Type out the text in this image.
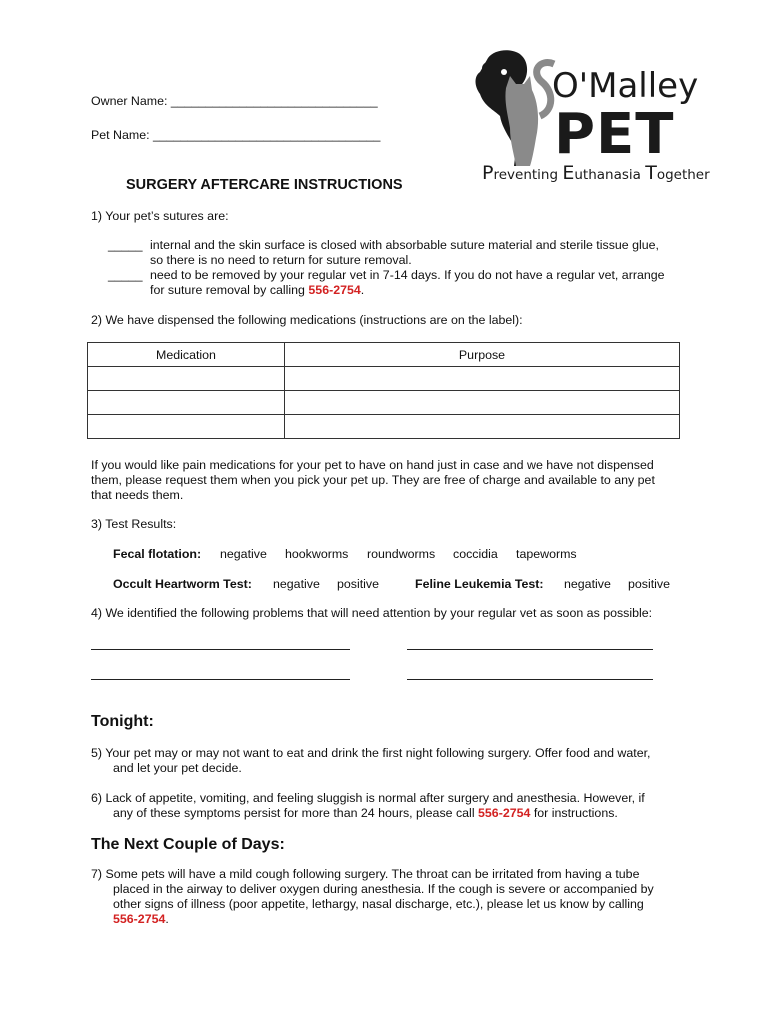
Owner Name: ______________________________
Pet Name: _________________________________
O'Malley
PET
Preventing Euthanasia Together
SURGERY AFTERCARE INSTRUCTIONS
1) Your pet’s sutures are:
_____ internal and the skin surface is closed with absorbable suture material and sterile tissue glue,
so there is no need to return for suture removal.
_____ need to be removed by your regular vet in 7-14 days. If you do not have a regular vet, arrange
for suture removal by calling 556-2754.
2) We have dispensed the following medications (instructions are on the label):
Medication	Purpose

If you would like pain medications for your pet to have on hand just in case and we have not dispensed
them, please request them when you pick your pet up. They are free of charge and available to any pet
that needs them.
3) Test Results:
Fecal flotation: negative hookworms roundworms coccidia tapeworms
Occult Heartworm Test: negative positive	Feline Leukemia Test: negative positive
4) We identified the following problems that will need attention by your regular vet as soon as possible:
Tonight:
5) Your pet may or may not want to eat and drink the first night following surgery. Offer food and water,
and let your pet decide.
6) Lack of appetite, vomiting, and feeling sluggish is normal after surgery and anesthesia. However, if
any of these symptoms persist for more than 24 hours, please call 556-2754 for instructions.
The Next Couple of Days:
7) Some pets will have a mild cough following surgery. The throat can be irritated from having a tube
placed in the airway to deliver oxygen during anesthesia. If the cough is severe or accompanied by
other signs of illness (poor appetite, lethargy, nasal discharge, etc.), please let us know by calling
556-2754.
